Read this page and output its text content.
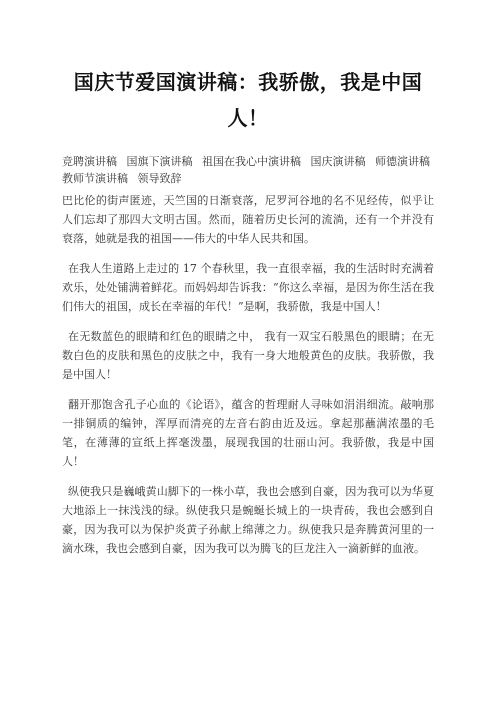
国庆节爱国演讲稿：我骄傲，我是中国人！
竞聘演讲稿 国旗下演讲稿 祖国在我心中演讲稿 国庆演讲稿 师德演讲稿 教师节演讲稿 领导致辞

巴比伦的街声匿迹，天竺国的日渐衰落，尼罗河谷地的名不见经传，似乎让人们忘却了那四大文明古国。然而，随着历史长河的流淌，还有一个并没有衰落，她就是我的祖国——伟大的中华人民共和国。

在我人生道路上走过的 17 个春秋里，我一直很幸福，我的生活时时充满着欢乐，处处铺满着鲜花。而妈妈却告诉我：“你这么幸福，是因为你生活在我们伟大的祖国，成长在幸福的年代！”是啊，我骄傲，我是中国人！

在无数蓝色的眼睛和红色的眼睛之中， 我有一双宝石般黑色的眼睛；在无数白色的皮肤和黑色的皮肤之中，我有一身大地般黄色的皮肤。我骄傲，我是中国人！

翻开那饱含孔子心血的《论语》，蕴含的哲理耐人寻味如涓涓细流。敲响那一排铜质的编钟，浑厚而清亮的左音右韵由近及远。拿起那蘸满浓墨的毛笔，在薄薄的宣纸上挥毫泼墨，展现我国的壮丽山河。我骄傲，我是中国人！

纵使我只是巍峨黄山脚下的一株小草，我也会感到自豪，因为我可以为华夏大地添上一抹浅浅的绿。纵使我只是蜿蜒长城上的一块青砖，我也会感到自豪，因为我可以为保护炎黄子孙献上绵薄之力。纵使我只是奔腾黄河里的一滴水珠，我也会感到自豪，因为我可以为腾飞的巨龙注入一滴新鲜的血液。
